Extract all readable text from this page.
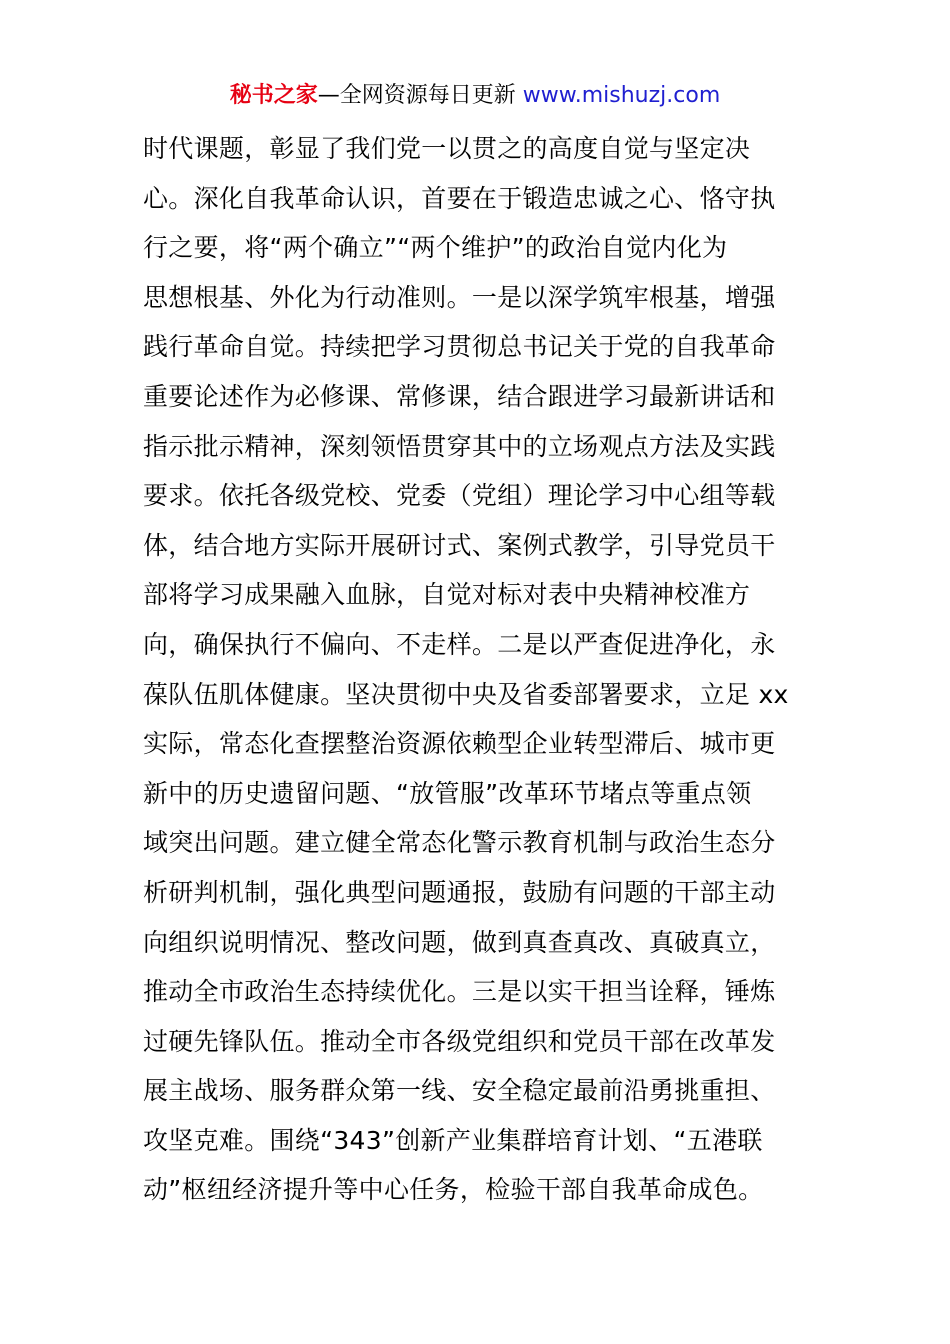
秘书之家—全网资源每日更新 www.mishuzj.com
时代课题，彰显了我们党一以贯之的高度自觉与坚定决
心。深化自我革命认识，首要在于锻造忠诚之心、恪守执
行之要，将“两个确立”“两个维护”的政治自觉内化为
思想根基、外化为行动准则。一是以深学筑牢根基，增强
践行革命自觉。持续把学习贯彻总书记关于党的自我革命
重要论述作为必修课、常修课，结合跟进学习最新讲话和
指示批示精神，深刻领悟贯穿其中的立场观点方法及实践
要求。依托各级党校、党委（党组）理论学习中心组等载
体，结合地方实际开展研讨式、案例式教学，引导党员干
部将学习成果融入血脉，自觉对标对表中央精神校准方
向，确保执行不偏向、不走样。二是以严查促进净化，永
葆队伍肌体健康。坚决贯彻中央及省委部署要求，立足 xx
实际，常态化查摆整治资源依赖型企业转型滞后、城市更
新中的历史遗留问题、“放管服”改革环节堵点等重点领
域突出问题。建立健全常态化警示教育机制与政治生态分
析研判机制，强化典型问题通报，鼓励有问题的干部主动
向组织说明情况、整改问题，做到真查真改、真破真立，
推动全市政治生态持续优化。三是以实干担当诠释，锤炼
过硬先锋队伍。推动全市各级党组织和党员干部在改革发
展主战场、服务群众第一线、安全稳定最前沿勇挑重担、
攻坚克难。围绕“343”创新产业集群培育计划、“五港联
动”枢纽经济提升等中心任务，检验干部自我革命成色。
